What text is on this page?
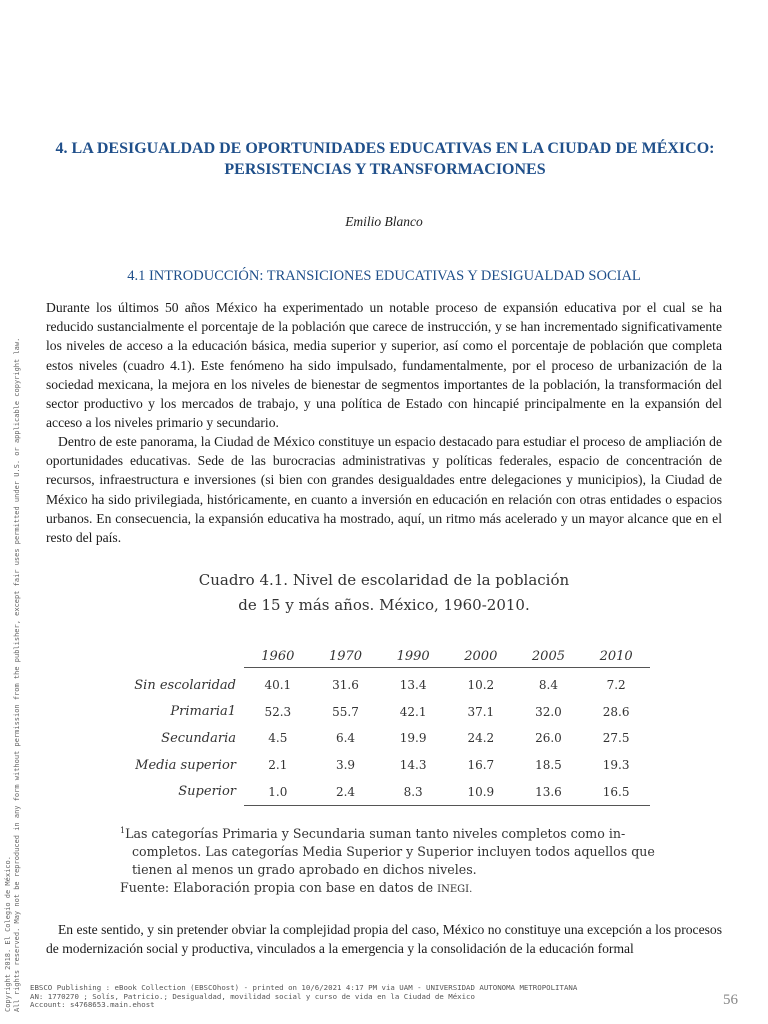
Copyright 2018. El Colegio de México. All rights reserved. May not be reproduced in any form without permission from the publisher, except fair uses permitted under U.S. or applicable copyright law.
4. LA DESIGUALDAD DE OPORTUNIDADES EDUCATIVAS EN LA CIUDAD DE MÉXICO:
PERSISTENCIAS Y TRANSFORMACIONES
Emilio Blanco
4.1 INTRODUCCIÓN: TRANSICIONES EDUCATIVAS Y DESIGUALDAD SOCIAL

Durante los últimos 50 años México ha experimentado un notable proceso de expansión educativa por el cual se ha reducido sustancialmente el porcentaje de la población que carece de instrucción, y se han incrementado significativamente los niveles de acceso a la educación básica, media superior y superior, así como el porcentaje de población que completa estos niveles (cuadro 4.1). Este fenómeno ha sido impulsado, fundamentalmente, por el proceso de urbanización de la sociedad mexicana, la mejora en los niveles de bienestar de segmentos importantes de la población, la transformación del sector productivo y los mercados de trabajo, y una política de Estado con hincapié principalmente en la expansión del acceso a los niveles primario y secundario.

Dentro de este panorama, la Ciudad de México constituye un espacio destacado para estudiar el proceso de ampliación de oportunidades educativas. Sede de las burocracias administrativas y políticas federales, espacio de concentración de recursos, infraestructura e inversiones (si bien con grandes desigualdades entre delegaciones y municipios), la Ciudad de México ha sido privilegiada, históricamente, en cuanto a inversión en educación en relación con otras entidades o espacios urbanos. En consecuencia, la expansión educativa ha mostrado, aquí, un ritmo más acelerado y un mayor alcance que en el resto del país.

Cuadro 4.1. Nivel de escolaridad de la población
de 15 y más años. México, 1960-2010.
	1960	1970	1990	2000	2005	2010
Sin escolaridad	40.1	31.6	13.4	10.2	8.4	7.2
Primaria1	52.3	55.7	42.1	37.1	32.0	28.6
Secundaria	4.5	6.4	19.9	24.2	26.0	27.5
Media superior	2.1	3.9	14.3	16.7	18.5	19.3
Superior	1.0	2.4	8.3	10.9	13.6	16.5
$^1$Las categorías Primaria y Secundaria suman tanto niveles completos como in-
completos. Las categorías Media Superior y Superior incluyen todos aquellos que
tienen al menos un grado aprobado en dichos niveles.
Fuente: Elaboración propia con base en datos de INEGI.

En este sentido, y sin pretender obviar la complejidad propia del caso, México no constituye una excepción a los procesos de modernización social y productiva, vinculados a la emergencia y la consolidación de la educación formal

EBSCO Publishing : eBook Collection (EBSCOhost) - printed on 10/6/2021 4:17 PM via UAM - UNIVERSIDAD AUTONOMA METROPOLITANA
AN: 1770270 ; Solís, Patricio.; Desigualdad, movilidad social y curso de vida en la Ciudad de México
Account: s4768653.main.ehost	56
